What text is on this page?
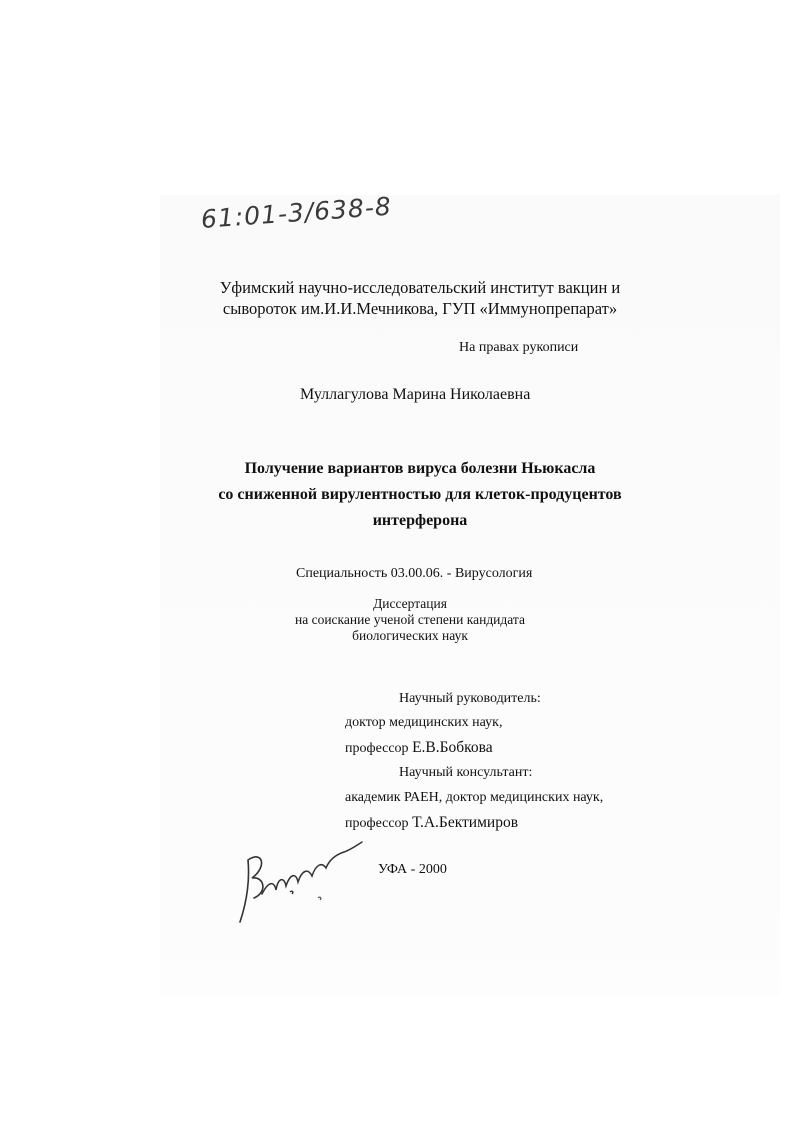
61:01-3/638-8
Уфимский научно-исследовательский институт вакцин и
сывороток им.И.И.Мечникова, ГУП «Иммунопрепарат»
На правах рукописи
Муллагулова Марина Николаевна
Получение вариантов вируса болезни Ньюкасла
со сниженной вирулентностью для клеток-продуцентов
интерферона
Специальность 03.00.06. - Вирусология
Диссертация
на соискание ученой степени кандидата
биологических наук
Научный руководитель:
доктор медицинских наук,
профессор Е.В.Бобкова
Научный консультант:
академик РАЕН, доктор медицинских наук,
профессор Т.А.Бектимиров
УФА - 2000
